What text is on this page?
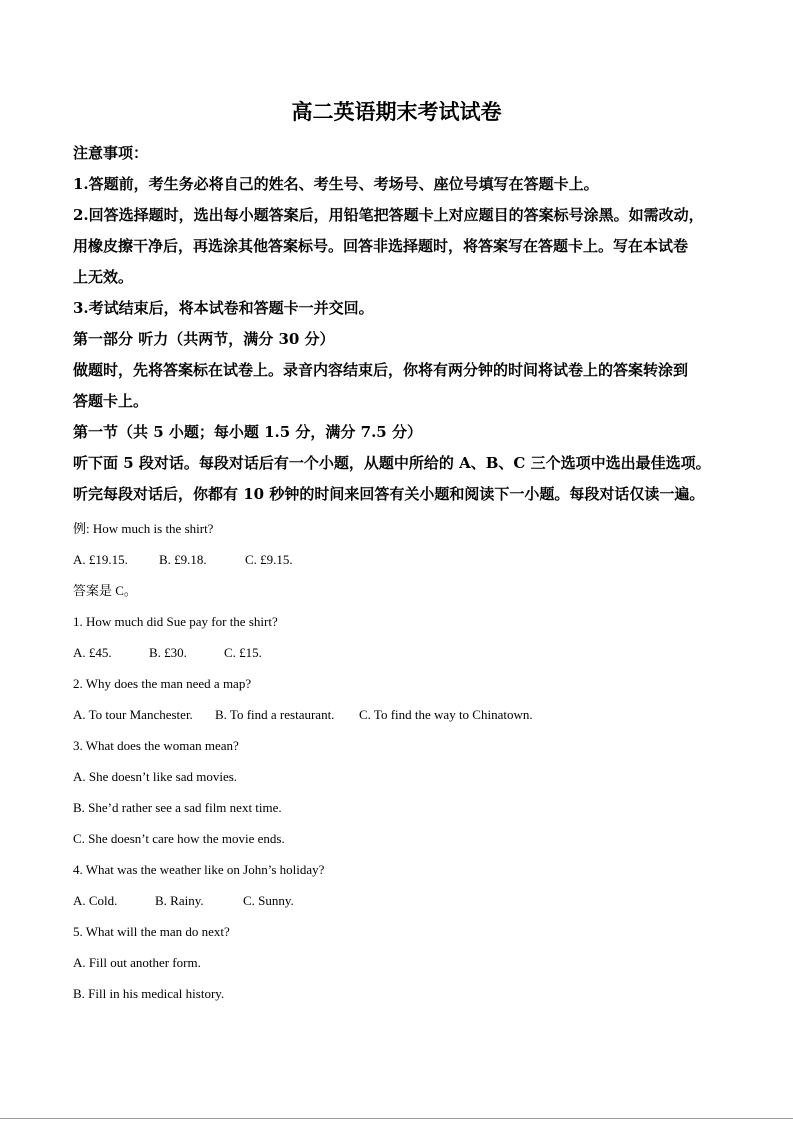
高二英语期末考试试卷
注意事项：
1.答题前，考生务必将自己的姓名、考生号、考场号、座位号填写在答题卡上。
2.回答选择题时，选出每小题答案后，用铅笔把答题卡上对应题目的答案标号涂黑。如需改动，
用橡皮擦干净后，再选涂其他答案标号。回答非选择题时，将答案写在答题卡上。写在本试卷
上无效。
3.考试结束后，将本试卷和答题卡一并交回。
第一部分 听力（共两节，满分 30 分）
做题时，先将答案标在试卷上。录音内容结束后，你将有两分钟的时间将试卷上的答案转涂到
答题卡上。
第一节（共 5 小题；每小题 1.5 分，满分 7.5 分）
听下面 5 段对话。每段对话后有一个小题，从题中所给的 A、B、C 三个选项中选出最佳选项。
听完每段对话后，你都有 10 秒钟的时间来回答有关小题和阅读下一小题。每段对话仅读一遍。
例: How much is the shirt?
A. £19.15. B. £9.18.	C. £9.15.
答案是 C。
1. How much did Sue pay for the shirt?
A. £45.	B. £30.	C. £15.
2. Why does the man need a map?
A. To tour Manchester. B. To find a restaurant. C. To find the way to Chinatown.
3. What does the woman mean?
A. She doesn’t like sad movies.
B. She’d rather see a sad film next time.
C. She doesn’t care how the movie ends.
4. What was the weather like on John’s holiday?
A. Cold.	B. Rainy.	C. Sunny.
5. What will the man do next?
A. Fill out another form.
B. Fill in his medical history.
